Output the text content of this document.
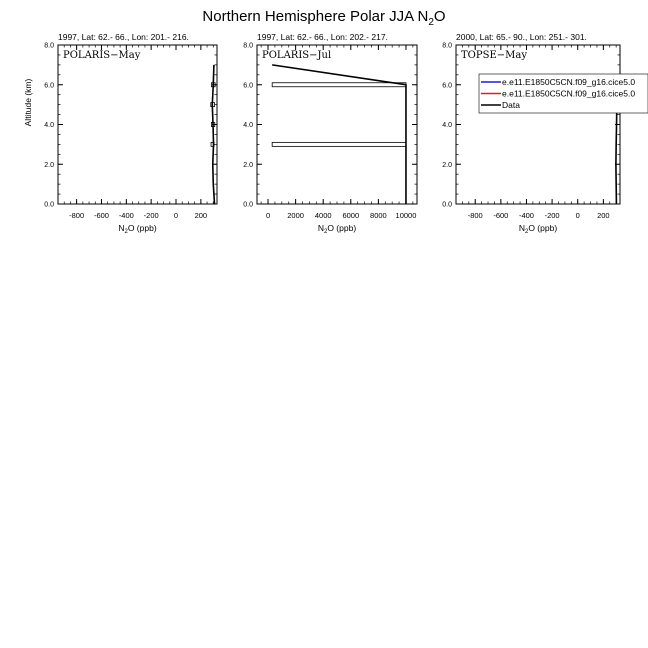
Northern Hemisphere Polar JJA $N_2O$
1997, Lat: 62.- 66., Lon: 201.- 216.
POLARIS−May
-800 -600 -400 -200 0 200
0.0
2.0
4.0
6.0
8.0
$N_2O$ (ppb)
Altitude (km)
1997, Lat: 62.- 66., Lon: 202.- 217.
POLARIS−Jul
0 2000 4000 6000 8000 10000
0.0
2.0
4.0
6.0
8.0
$N_2O$ (ppb)
2000, Lat: 65.- 90., Lon: 251.- 301.
TOPSE−May
-800 -600 -400 -200 0 200
0.0
2.0
4.0
6.0
8.0
$N_2O$ (ppb)
e.e11.E1850C5CN.f09_g16.cice5.0
e.e11.E1850C5CN.f09_g16.cice5.0
Data
